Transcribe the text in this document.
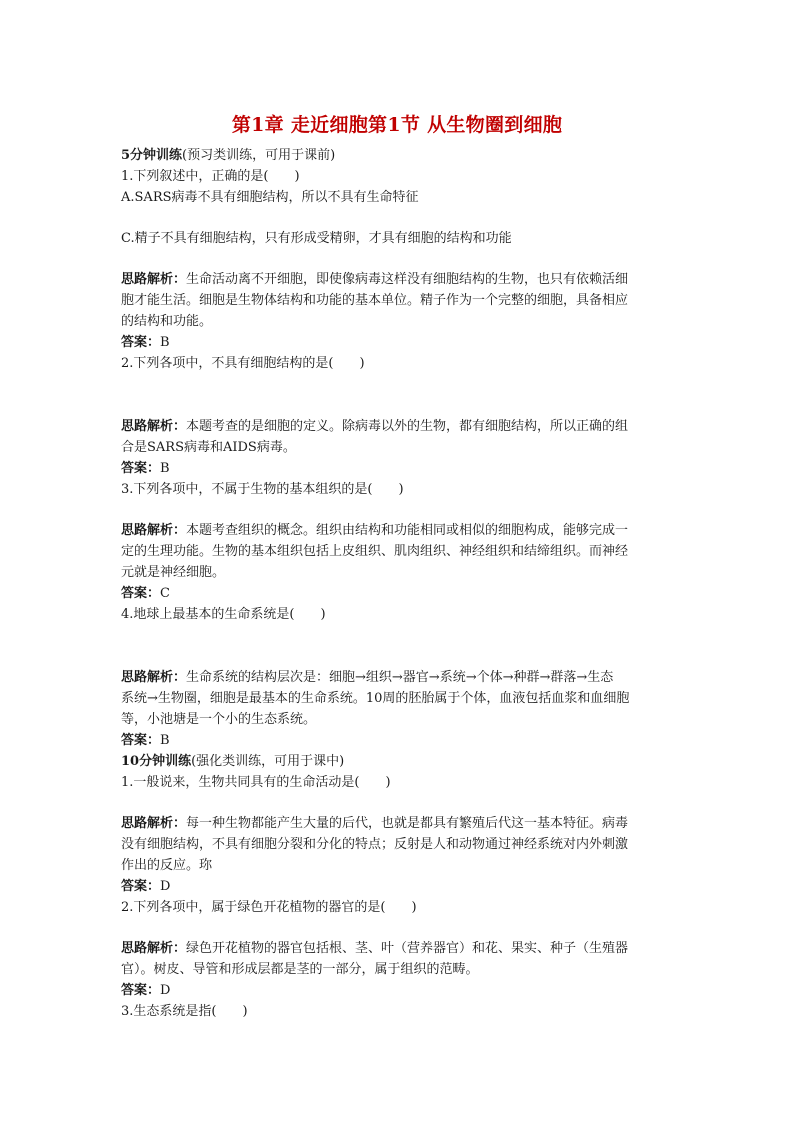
第1章 走近细胞第1节 从生物圈到细胞
5分钟训练(预习类训练，可用于课前)
1.下列叙述中，正确的是(　　)
A.SARS病毒不具有细胞结构，所以不具有生命特征
C.精子不具有细胞结构，只有形成受精卵，才具有细胞的结构和功能
思路解析：生命活动离不开细胞，即使像病毒这样没有细胞结构的生物，也只有依赖活细
胞才能生活。细胞是生物体结构和功能的基本单位。精子作为一个完整的细胞，具备相应
的结构和功能。
答案：B
2.下列各项中，不具有细胞结构的是(　　)
思路解析：本题考查的是细胞的定义。除病毒以外的生物，都有细胞结构，所以正确的组
合是SARS病毒和AIDS病毒。
答案：B
3.下列各项中，不属于生物的基本组织的是(　　)
思路解析：本题考查组织的概念。组织由结构和功能相同或相似的细胞构成，能够完成一
定的生理功能。生物的基本组织包括上皮组织、肌肉组织、神经组织和结缔组织。而神经
元就是神经细胞。
答案：C
4.地球上最基本的生命系统是(　　)
思路解析：生命系统的结构层次是：细胞→组织→器官→系统→个体→种群→群落→生态
系统→生物圈，细胞是最基本的生命系统。10周的胚胎属于个体，血液包括血浆和血细胞
等，小池塘是一个小的生态系统。
答案：B
10分钟训练(强化类训练，可用于课中)
1.一般说来，生物共同具有的生命活动是(　　)
思路解析：每一种生物都能产生大量的后代，也就是都具有繁殖后代这一基本特征。病毒
没有细胞结构，不具有细胞分裂和分化的特点；反射是人和动物通过神经系统对内外刺激
作出的反应。珎
答案：D
2.下列各项中，属于绿色开花植物的器官的是(　　)
思路解析：绿色开花植物的器官包括根、茎、叶（营养器官）和花、果实、种子（生殖器
官）。树皮、导管和形成层都是茎的一部分，属于组织的范畴。
答案：D
3.生态系统是指(　　)
